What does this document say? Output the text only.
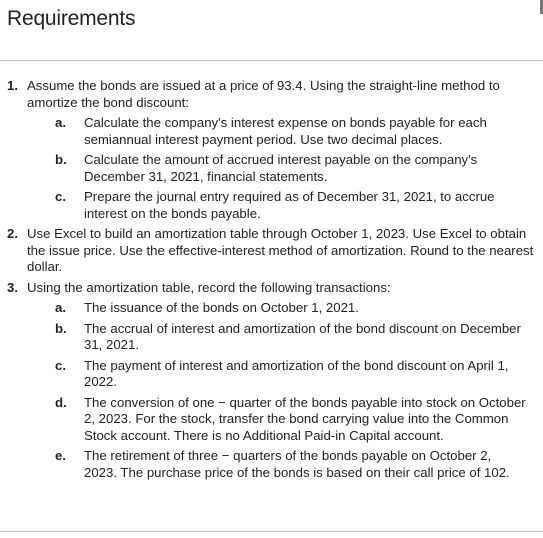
Requirements
1. Assume the bonds are issued at a price of 93.4. Using the straight-line method to amortize the bond discount:
a. Calculate the company's interest expense on bonds payable for each semiannual interest payment period. Use two decimal places.
b. Calculate the amount of accrued interest payable on the company's December 31, 2021, financial statements.
c. Prepare the journal entry required as of December 31, 2021, to accrue interest on the bonds payable.
2. Use Excel to build an amortization table through October 1, 2023. Use Excel to obtain the issue price. Use the effective-interest method of amortization. Round to the nearest dollar.
3. Using the amortization table, record the following transactions:
a. The issuance of the bonds on October 1, 2021.
b. The accrual of interest and amortization of the bond discount on December 31, 2021.
c. The payment of interest and amortization of the bond discount on April 1, 2022.
d. The conversion of one − quarter of the bonds payable into stock on October 2, 2023. For the stock, transfer the bond carrying value into the Common Stock account. There is no Additional Paid-in Capital account.
e. The retirement of three − quarters of the bonds payable on October 2, 2023. The purchase price of the bonds is based on their call price of 102.
